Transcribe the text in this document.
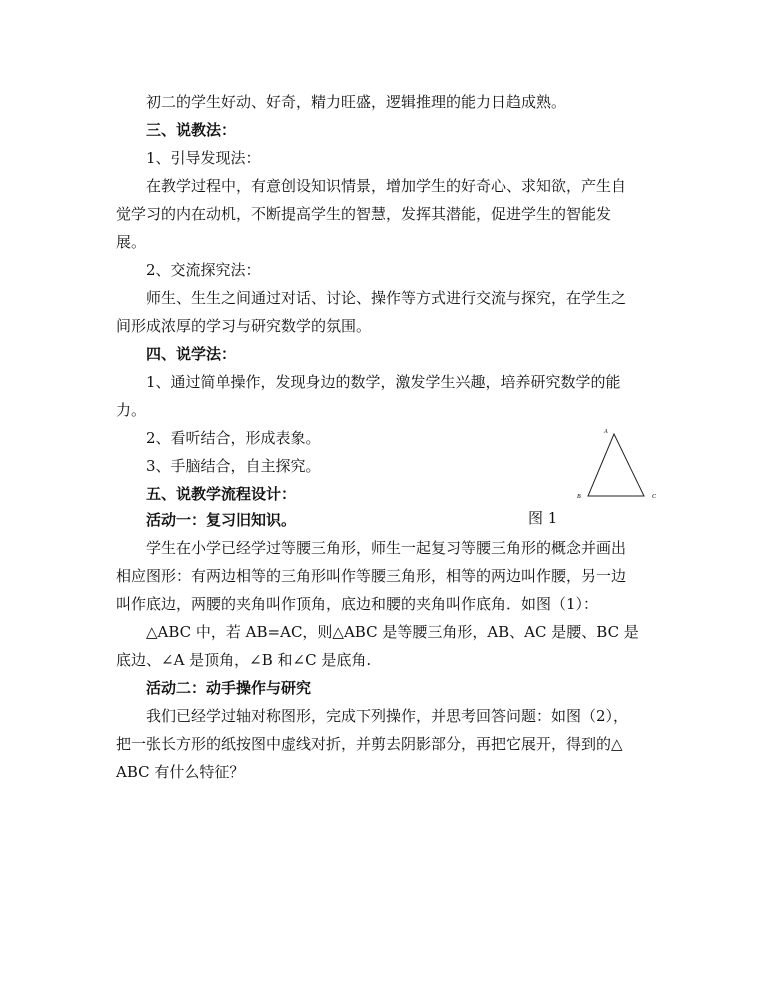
初二的学生好动、好奇，精力旺盛，逻辑推理的能力日趋成熟。
三、说教法：
1、引导发现法：
在教学过程中，有意创设知识情景，增加学生的好奇心、求知欲，产生自
觉学习的内在动机，不断提高学生的智慧，发挥其潜能，促进学生的智能发
展。
2、交流探究法：
师生、生生之间通过对话、讨论、操作等方式进行交流与探究，在学生之
间形成浓厚的学习与研究数学的氛围。
四、说学法：
1、通过简单操作，发现身边的数学，激发学生兴趣，培养研究数学的能
力。
2、看听结合，形成表象。
3、手脑结合，自主探究。
五、说教学流程设计：
活动一：复习旧知识。
学生在小学已经学过等腰三角形，师生一起复习等腰三角形的概念并画出
相应图形：有两边相等的三角形叫作等腰三角形，相等的两边叫作腰，另一边
叫作底边，两腰的夹角叫作顶角，底边和腰的夹角叫作底角．如图（1）：
△ABC 中，若 AB=AC，则△ABC 是等腰三角形，AB、AC 是腰、BC 是
底边、∠A 是顶角，∠B 和∠C 是底角.
活动二：动手操作与研究
我们已经学过轴对称图形，完成下列操作，并思考回答问题：如图（2），
把一张长方形的纸按图中虚线对折，并剪去阴影部分，再把它展开，得到的△
ABC 有什么特征？
A
B	C
图 1
